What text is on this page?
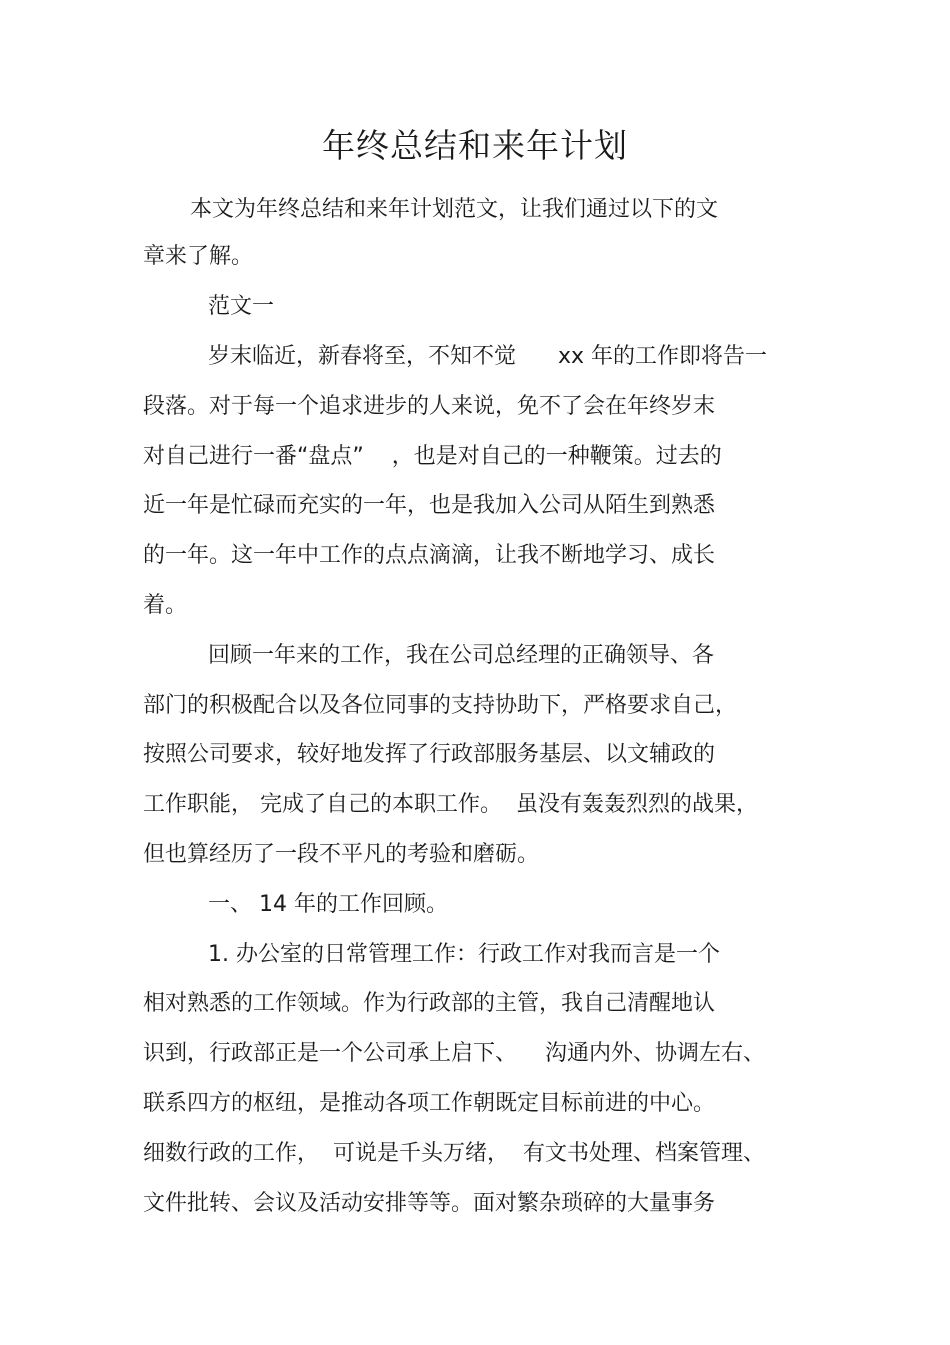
年终总结和来年计划
本文为年终总结和来年计划范文，让我们通过以下的文
章来了解。
范文一
岁末临近，新春将至，不知不觉      xx 年的工作即将告一
段落。对于每一个追求进步的人来说，免不了会在年终岁末
对自己进行一番“盘点”    ，也是对自己的一种鞭策。过去的
近一年是忙碌而充实的一年，也是我加入公司从陌生到熟悉
的一年。这一年中工作的点点滴滴，让我不断地学习、成长
着。
回顾一年来的工作，我在公司总经理的正确领导、各
部门的积极配合以及各位同事的支持协助下，严格要求自己，
按照公司要求，较好地发挥了行政部服务基层、以文辅政的
工作职能， 完成了自己的本职工作。  虽没有轰轰烈烈的战果，
但也算经历了一段不平凡的考验和磨砺。
一、 14 年的工作回顾。
1. 办公室的日常管理工作：行政工作对我而言是一个
相对熟悉的工作领域。作为行政部的主管，我自己清醒地认
识到，行政部正是一个公司承上启下、    沟通内外、协调左右、
联系四方的枢纽，是推动各项工作朝既定目标前进的中心。
细数行政的工作，  可说是千头万绪，  有文书处理、档案管理、
文件批转、会议及活动安排等等。面对繁杂琐碎的大量事务
